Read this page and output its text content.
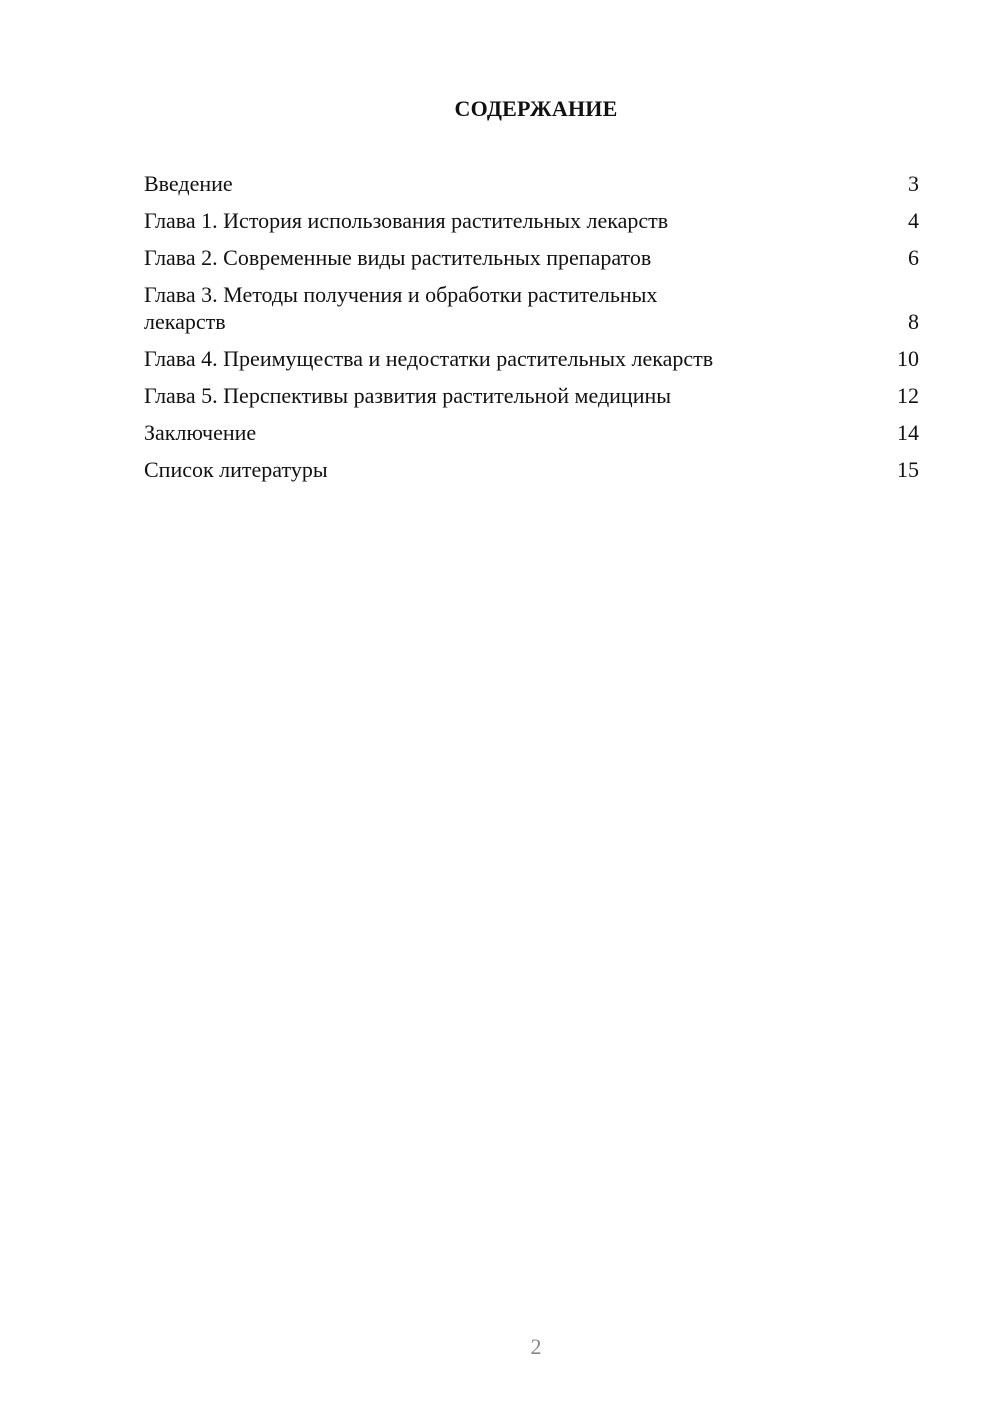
СОДЕРЖАНИЕ
Введение	3
Глава 1. История использования растительных лекарств	4
Глава 2. Современные виды растительных препаратов	6
Глава 3. Методы получения и обработки растительных лекарств	8
Глава 4. Преимущества и недостатки растительных лекарств	10
Глава 5. Перспективы развития растительной медицины	12
Заключение	14
Список литературы	15
2
